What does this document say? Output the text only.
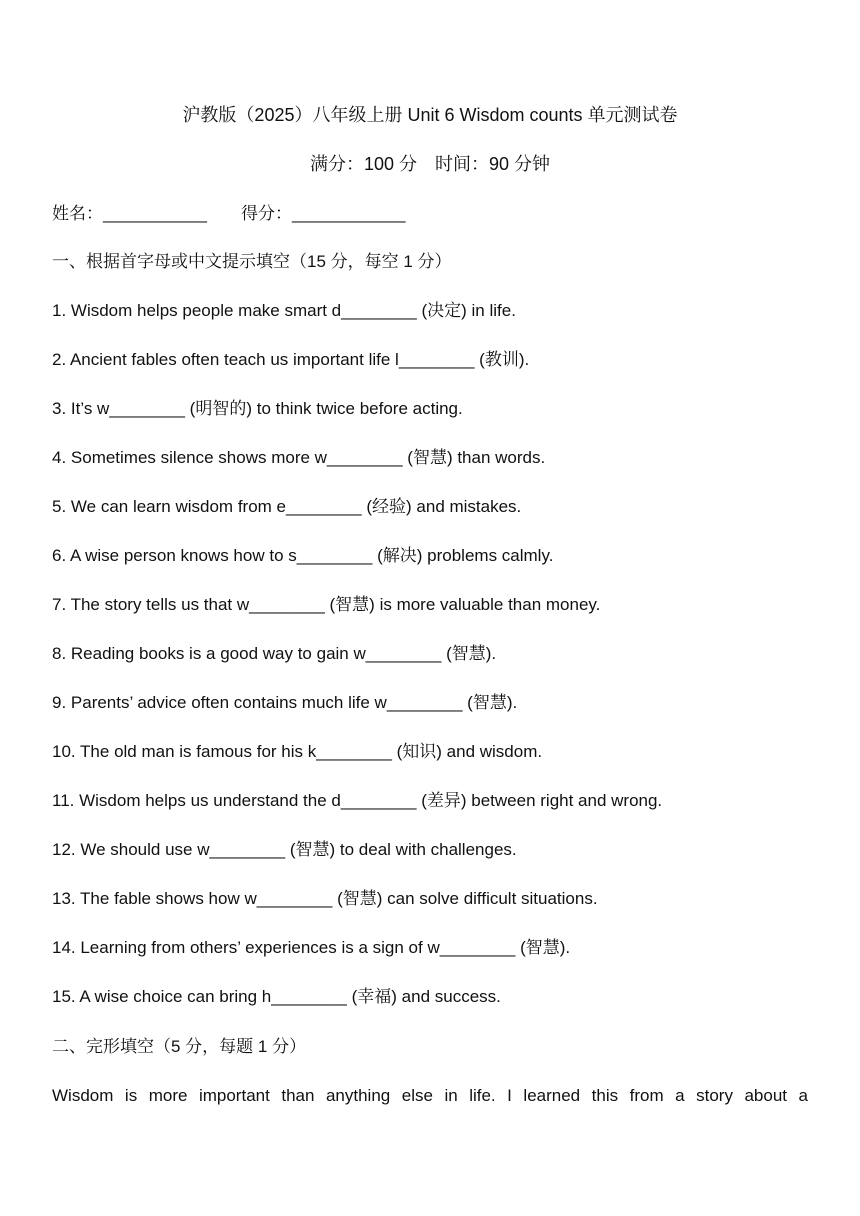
沪教版（2025）八年级上册 Unit 6 Wisdom counts 单元测试卷
满分：100 分　时间：90 分钟
姓名：___________　　得分：____________
一、根据首字母或中文提示填空（15 分，每空 1 分）
1. Wisdom helps people make smart d________ (决定) in life.
2. Ancient fables often teach us important life l________ (教训).
3. It’s w________ (明智的) to think twice before acting.
4. Sometimes silence shows more w________ (智慧) than words.
5. We can learn wisdom from e________ (经验) and mistakes.
6. A wise person knows how to s________ (解决) problems calmly.
7. The story tells us that w________ (智慧) is more valuable than money.
8. Reading books is a good way to gain w________ (智慧).
9. Parents’ advice often contains much life w________ (智慧).
10. The old man is famous for his k________ (知识) and wisdom.
11. Wisdom helps us understand the d________ (差异) between right and wrong.
12. We should use w________ (智慧) to deal with challenges.
13. The fable shows how w________ (智慧) can solve difficult situations.
14. Learning from others’ experiences is a sign of w________ (智慧).
15. A wise choice can bring h________ (幸福) and success.
二、完形填空（5 分，每题 1 分）
Wisdom is more important than anything else in life. I learned this from a story about a
